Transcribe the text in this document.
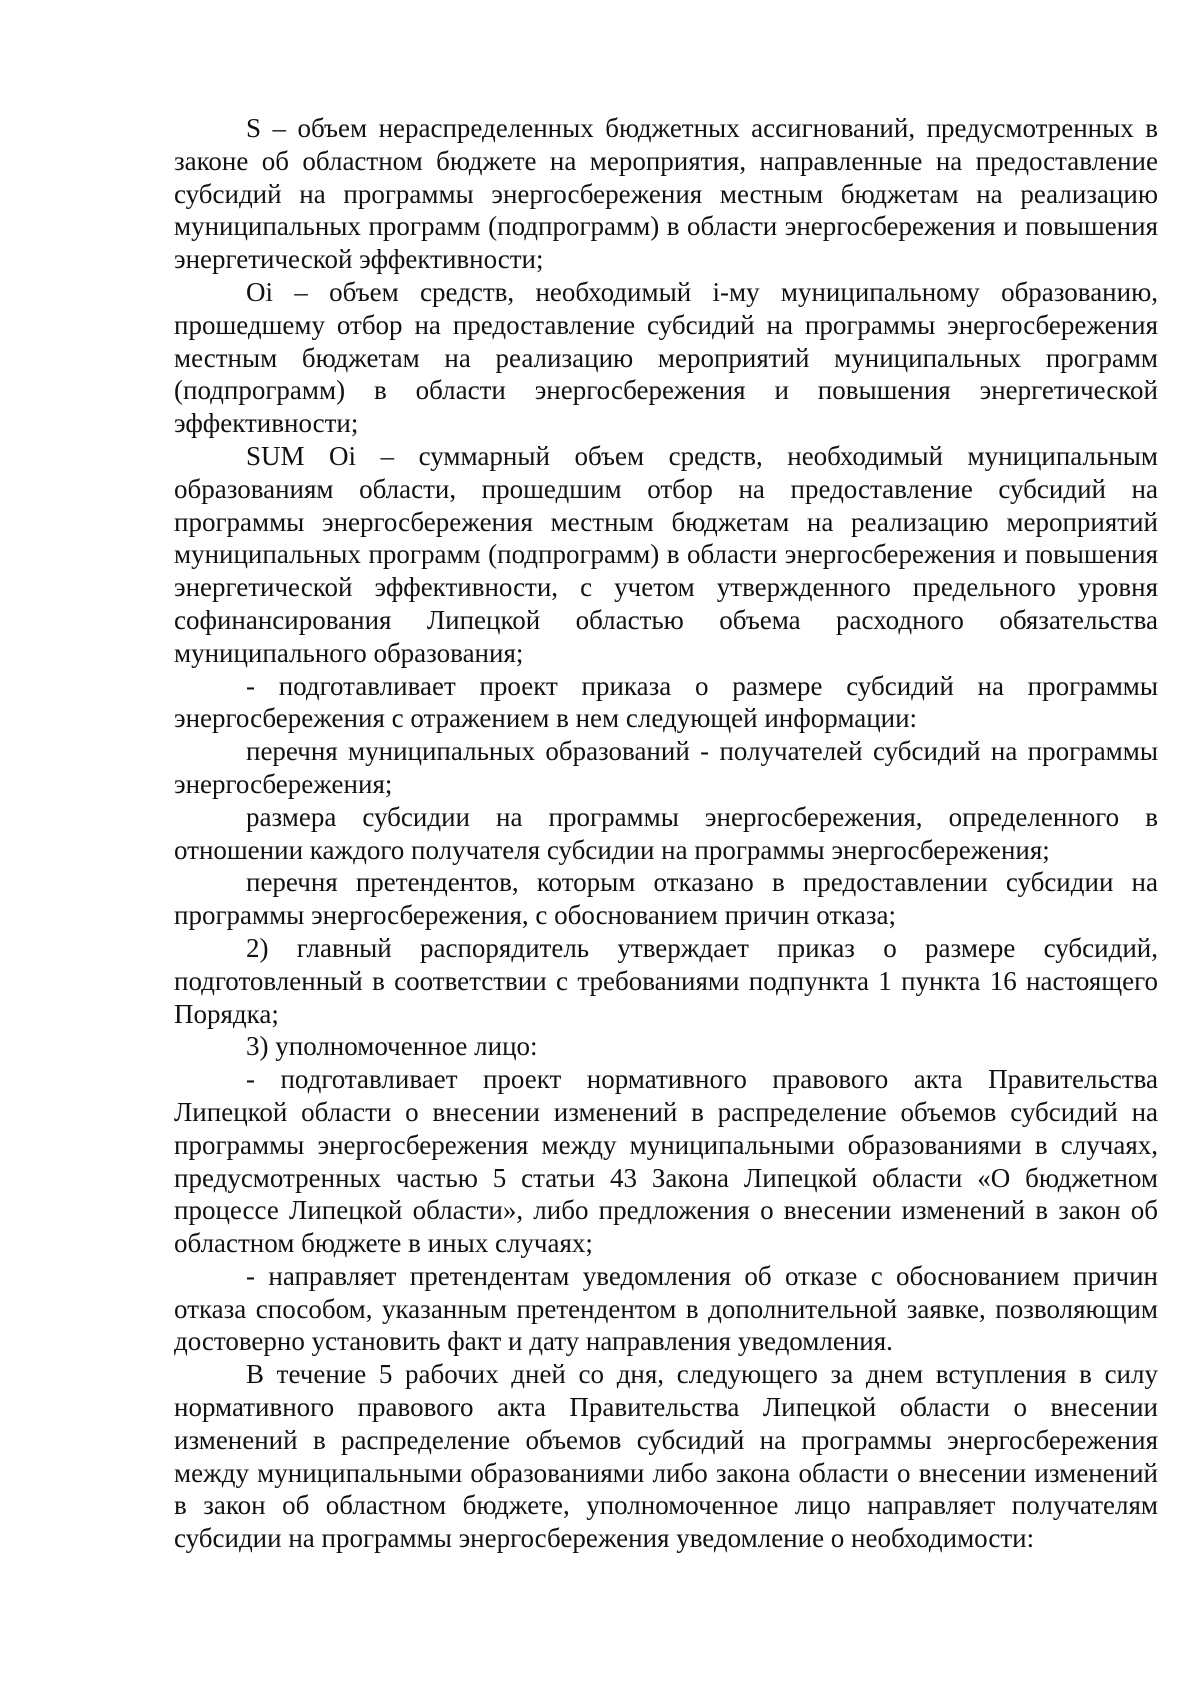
S – объем нераспределенных бюджетных ассигнований, предусмотренных в законе об областном бюджете на мероприятия, направленные на предоставление субсидий на программы энергосбережения местным бюджетам на реализацию муниципальных программ (подпрограмм) в области энергосбережения и повышения энергетической эффективности;

Oi – объем средств, необходимый i-му муниципальному образованию, прошедшему отбор на предоставление субсидий на программы энергосбережения местным бюджетам на реализацию мероприятий муниципальных программ (подпрограмм) в области энергосбережения и повышения энергетической эффективности;

SUM Oi – суммарный объем средств, необходимый муниципальным образованиям области, прошедшим отбор на предоставление субсидий на программы энергосбережения местным бюджетам на реализацию мероприятий муниципальных программ (подпрограмм) в области энергосбережения и повышения энергетической эффективности, с учетом утвержденного предельного уровня софинансирования Липецкой областью объема расходного обязательства муниципального образования;

- подготавливает проект приказа о размере субсидий на программы энергосбережения с отражением в нем следующей информации:

перечня муниципальных образований - получателей субсидий на программы энергосбережения;

размера субсидии на программы энергосбережения, определенного в отношении каждого получателя субсидии на программы энергосбережения;

перечня претендентов, которым отказано в предоставлении субсидии на программы энергосбережения, с обоснованием причин отказа;

2) главный распорядитель утверждает приказ о размере субсидий, подготовленный в соответствии с требованиями подпункта 1 пункта 16 настоящего Порядка;

3) уполномоченное лицо:

- подготавливает проект нормативного правового акта Правительства Липецкой области о внесении изменений в распределение объемов субсидий на программы энергосбережения между муниципальными образованиями в случаях, предусмотренных частью 5 статьи 43 Закона Липецкой области «О бюджетном процессе Липецкой области», либо предложения о внесении изменений в закон об областном бюджете в иных случаях;

- направляет претендентам уведомления об отказе с обоснованием причин отказа способом, указанным претендентом в дополнительной заявке, позволяющим достоверно установить факт и дату направления уведомления.

В течение 5 рабочих дней со дня, следующего за днем вступления в силу нормативного правового акта Правительства Липецкой области о внесении изменений в распределение объемов субсидий на программы энергосбережения между муниципальными образованиями либо закона области о внесении изменений в закон об областном бюджете, уполномоченное лицо направляет получателям субсидии на программы энергосбережения уведомление о необходимости:
